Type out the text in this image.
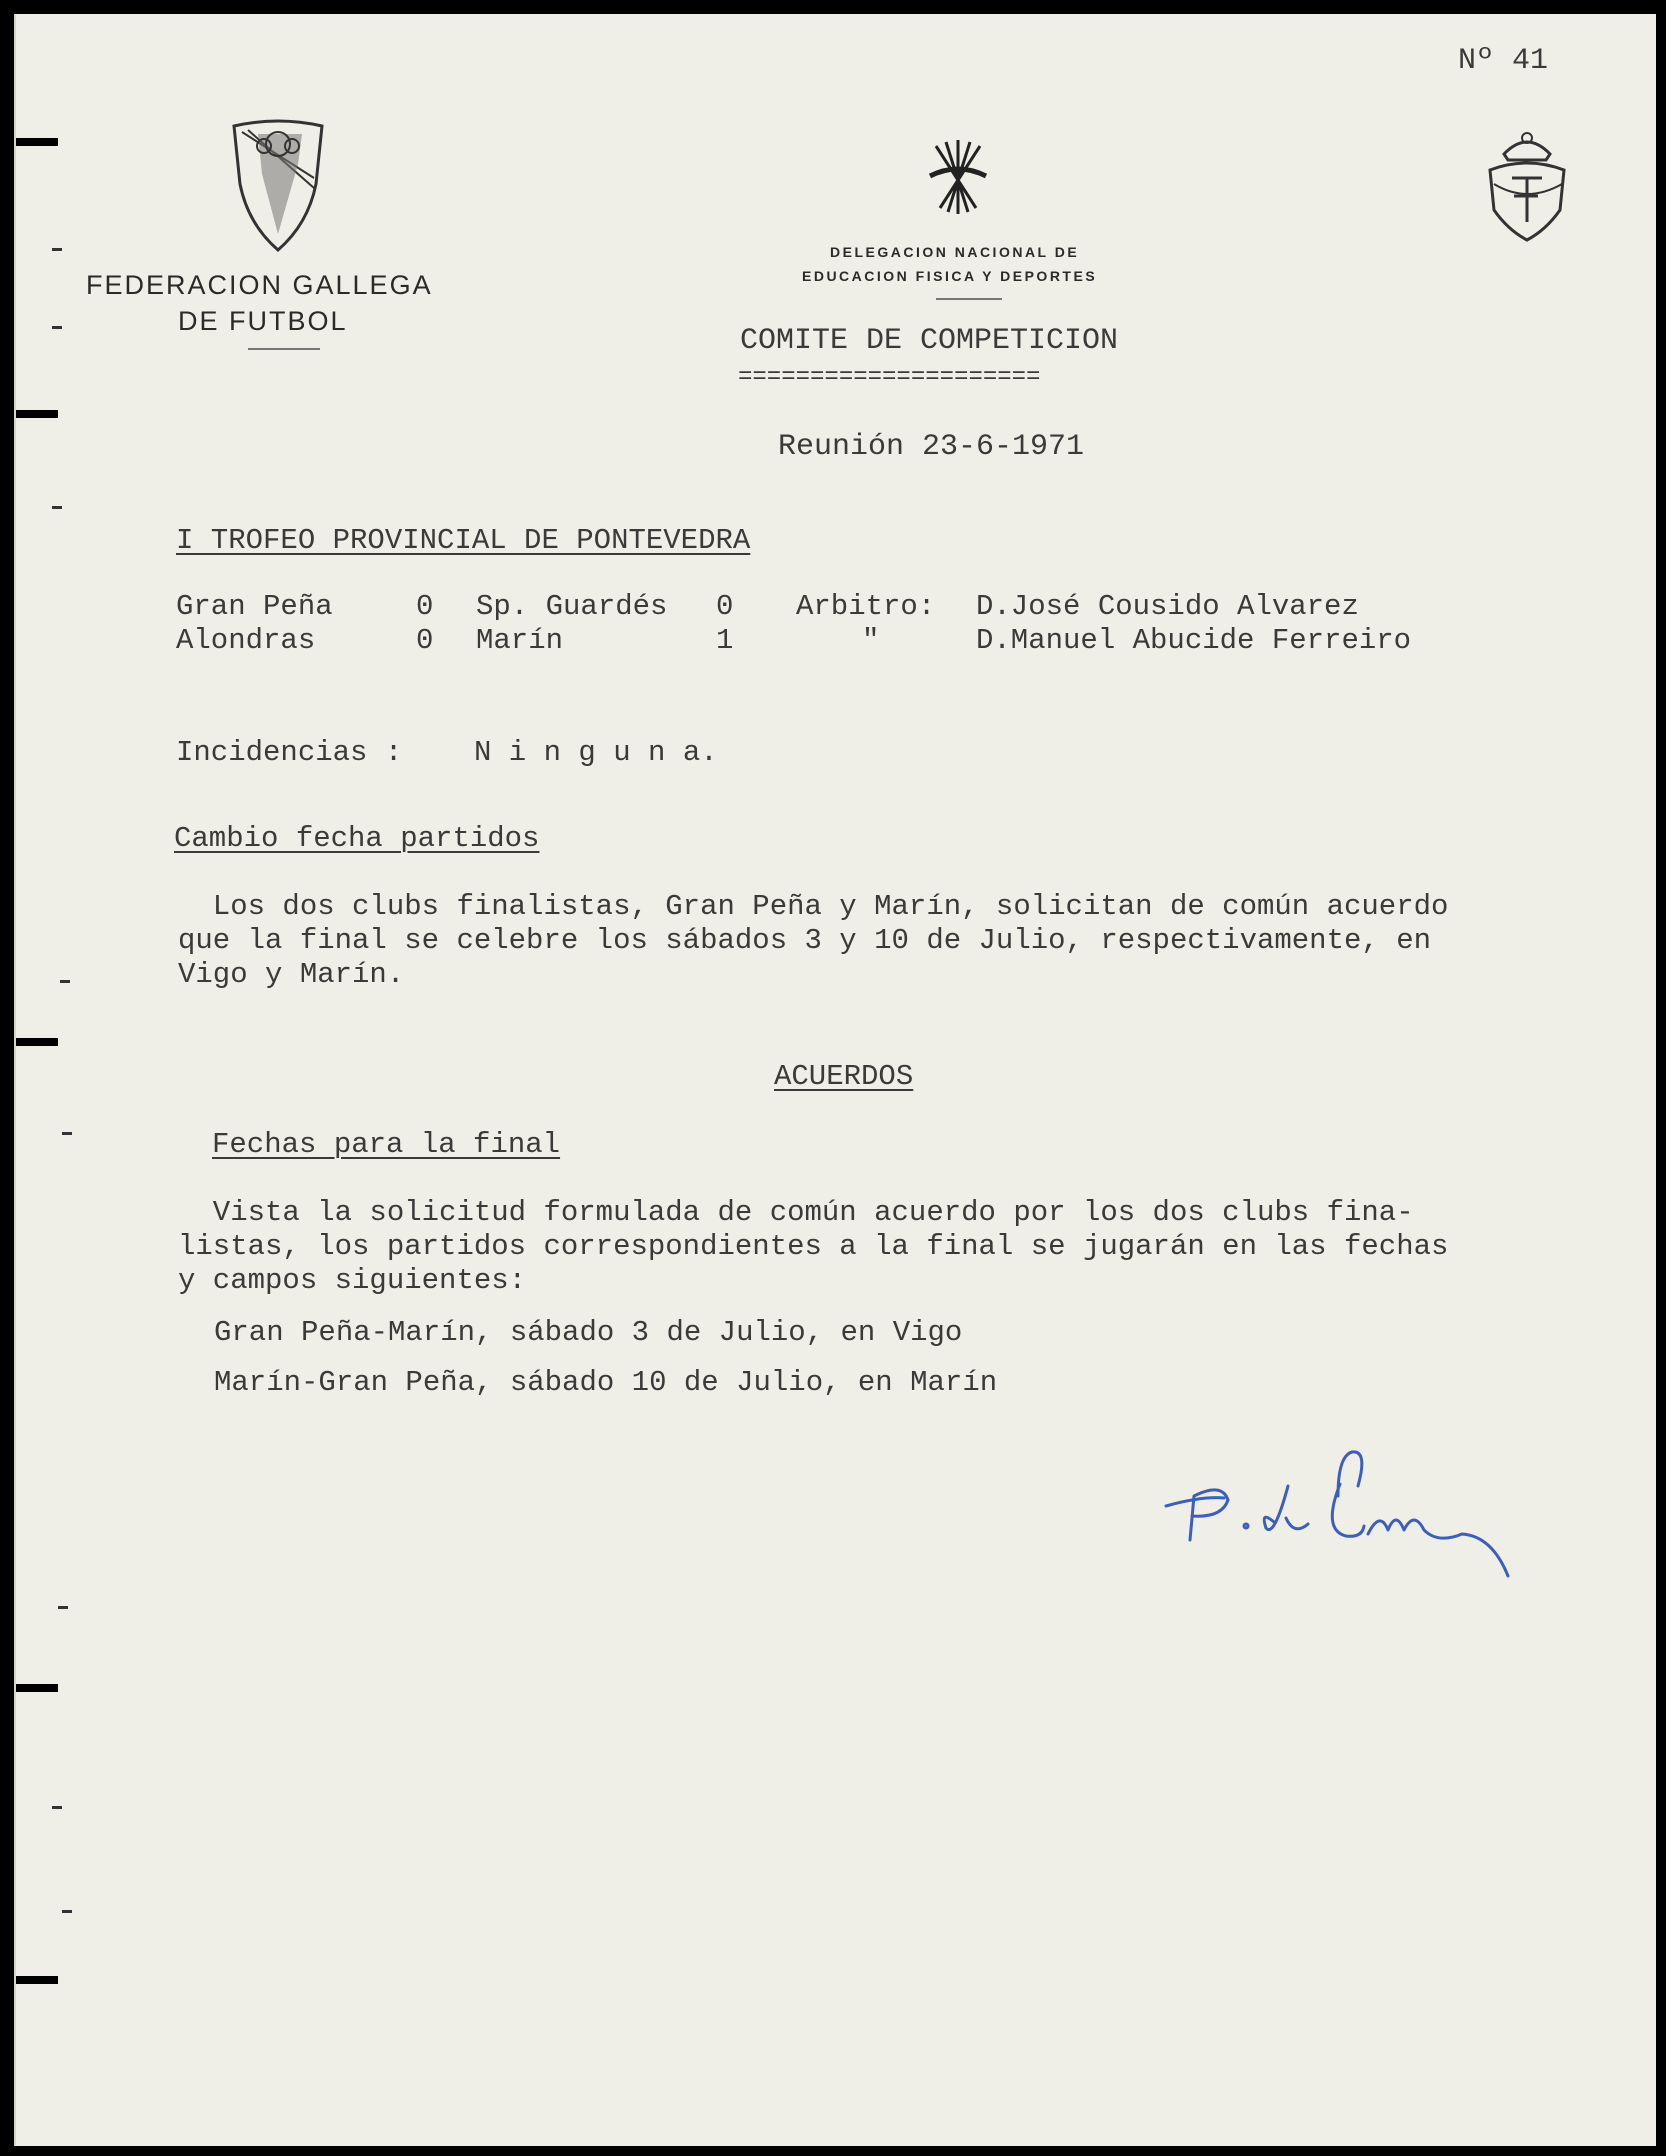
Nº 41
FEDERACION GALLEGA
DE FUTBOL
DELEGACION NACIONAL DE
EDUCACION FISICA Y DEPORTES
COMITE DE COMPETICION
=====================
Reunión 23-6-1971
I TROFEO PROVINCIAL DE PONTEVEDRA
Gran Peña	0 Sp. Guardés 0 Arbitro: D.José Cousido Alvarez
Alondras	0 Marín	1	"	D.Manuel Abucide Ferreiro
Incidencias : N i n g u n a.
Cambio fecha partidos
Los dos clubs finalistas, Gran Peña y Marín, solicitan de común acuerdo
que la final se celebre los sábados 3 y 10 de Julio, respectivamente, en
Vigo y Marín.
ACUERDOS
Fechas para la final
Vista la solicitud formulada de común acuerdo por los dos clubs fina-
listas, los partidos correspondientes a la final se jugarán en las fechas
y campos siguientes:
Gran Peña-Marín, sábado 3 de Julio, en Vigo
Marín-Gran Peña, sábado 10 de Julio, en Marín
